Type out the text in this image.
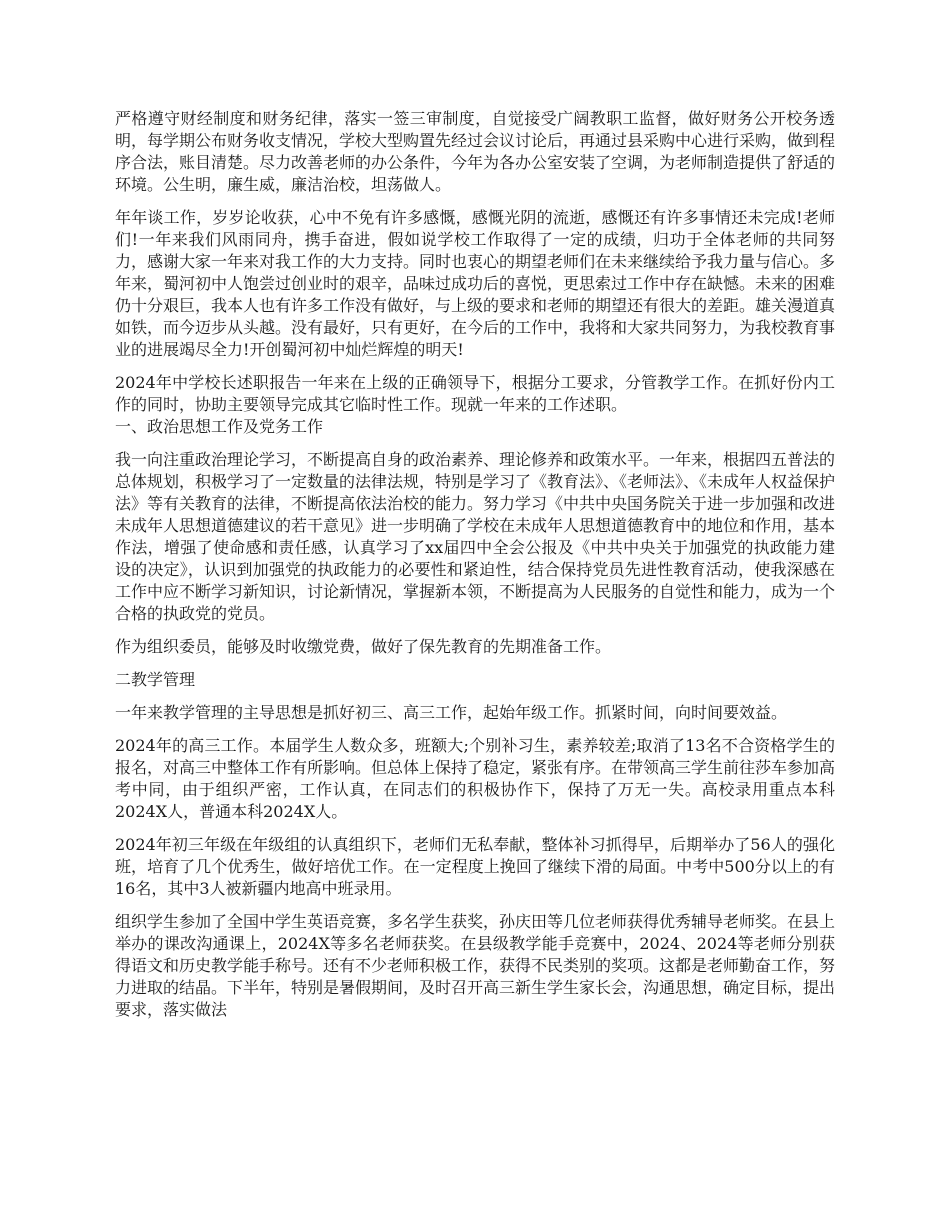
严格遵守财经制度和财务纪律，落实一签三审制度，自觉接受广阔教职工监督，做好财务公开校务透明，每学期公布财务收支情况，学校大型购置先经过会议讨论后，再通过县采购中心进行采购，做到程序合法，账目清楚。尽力改善老师的办公条件，今年为各办公室安装了空调，为老师制造提供了舒适的环境。公生明，廉生威，廉洁治校，坦荡做人。

年年谈工作，岁岁论收获，心中不免有许多感慨，感慨光阴的流逝，感慨还有许多事情还未完成!老师们!一年来我们风雨同舟，携手奋进，假如说学校工作取得了一定的成绩，归功于全体老师的共同努力，感谢大家一年来对我工作的大力支持。同时也衷心的期望老师们在未来继续给予我力量与信心。多年来，蜀河初中人饱尝过创业时的艰辛，品味过成功后的喜悦，更思索过工作中存在缺憾。未来的困难仍十分艰巨，我本人也有许多工作没有做好，与上级的要求和老师的期望还有很大的差距。雄关漫道真如铁，而今迈步从头越。没有最好，只有更好，在今后的工作中，我将和大家共同努力，为我校教育事业的进展竭尽全力!开创蜀河初中灿烂辉煌的明天!

2024年中学校长述职报告一年来在上级的正确领导下，根据分工要求，分管教学工作。在抓好份内工作的同时，协助主要领导完成其它临时性工作。现就一年来的工作述职。
一、政治思想工作及党务工作

我一向注重政治理论学习，不断提高自身的政治素养、理论修养和政策水平。一年来，根据四五普法的总体规划，积极学习了一定数量的法律法规，特别是学习了《教育法》、《老师法》、《未成年人权益保护法》等有关教育的法律，不断提高依法治校的能力。努力学习《中共中央国务院关于进一步加强和改进未成年人思想道德建议的若干意见》进一步明确了学校在未成年人思想道德教育中的地位和作用，基本作法，增强了使命感和责任感，认真学习了xx届四中全会公报及《中共中央关于加强党的执政能力建设的决定》，认识到加强党的执政能力的必要性和紧迫性，结合保持党员先进性教育活动，使我深感在工作中应不断学习新知识，讨论新情况，掌握新本领，不断提高为人民服务的自觉性和能力，成为一个合格的执政党的党员。

作为组织委员，能够及时收缴党费，做好了保先教育的先期准备工作。

二教学管理

一年来教学管理的主导思想是抓好初三、高三工作，起始年级工作。抓紧时间，向时间要效益。

2024年的高三工作。本届学生人数众多，班额大;个别补习生，素养较差;取消了13名不合资格学生的报名，对高三中整体工作有所影响。但总体上保持了稳定，紧张有序。在带领高三学生前往莎车参加高考中同，由于组织严密，工作认真，在同志们的积极协作下，保持了万无一失。高校录用重点本科2024X人，普通本科2024X人。

2024年初三年级在年级组的认真组织下，老师们无私奉献，整体补习抓得早，后期举办了56人的强化班，培育了几个优秀生，做好培优工作。在一定程度上挽回了继续下滑的局面。中考中500分以上的有16名，其中3人被新疆内地高中班录用。

组织学生参加了全国中学生英语竞赛，多名学生获奖，孙庆田等几位老师获得优秀辅导老师奖。在县上举办的课改沟通课上，2024X等多名老师获奖。在县级教学能手竞赛中，2024、2024等老师分别获得语文和历史教学能手称号。还有不少老师积极工作，获得不民类别的奖项。这都是老师勤奋工作，努力进取的结晶。下半年，特别是暑假期间，及时召开高三新生学生家长会，沟通思想，确定目标，提出要求，落实做法
